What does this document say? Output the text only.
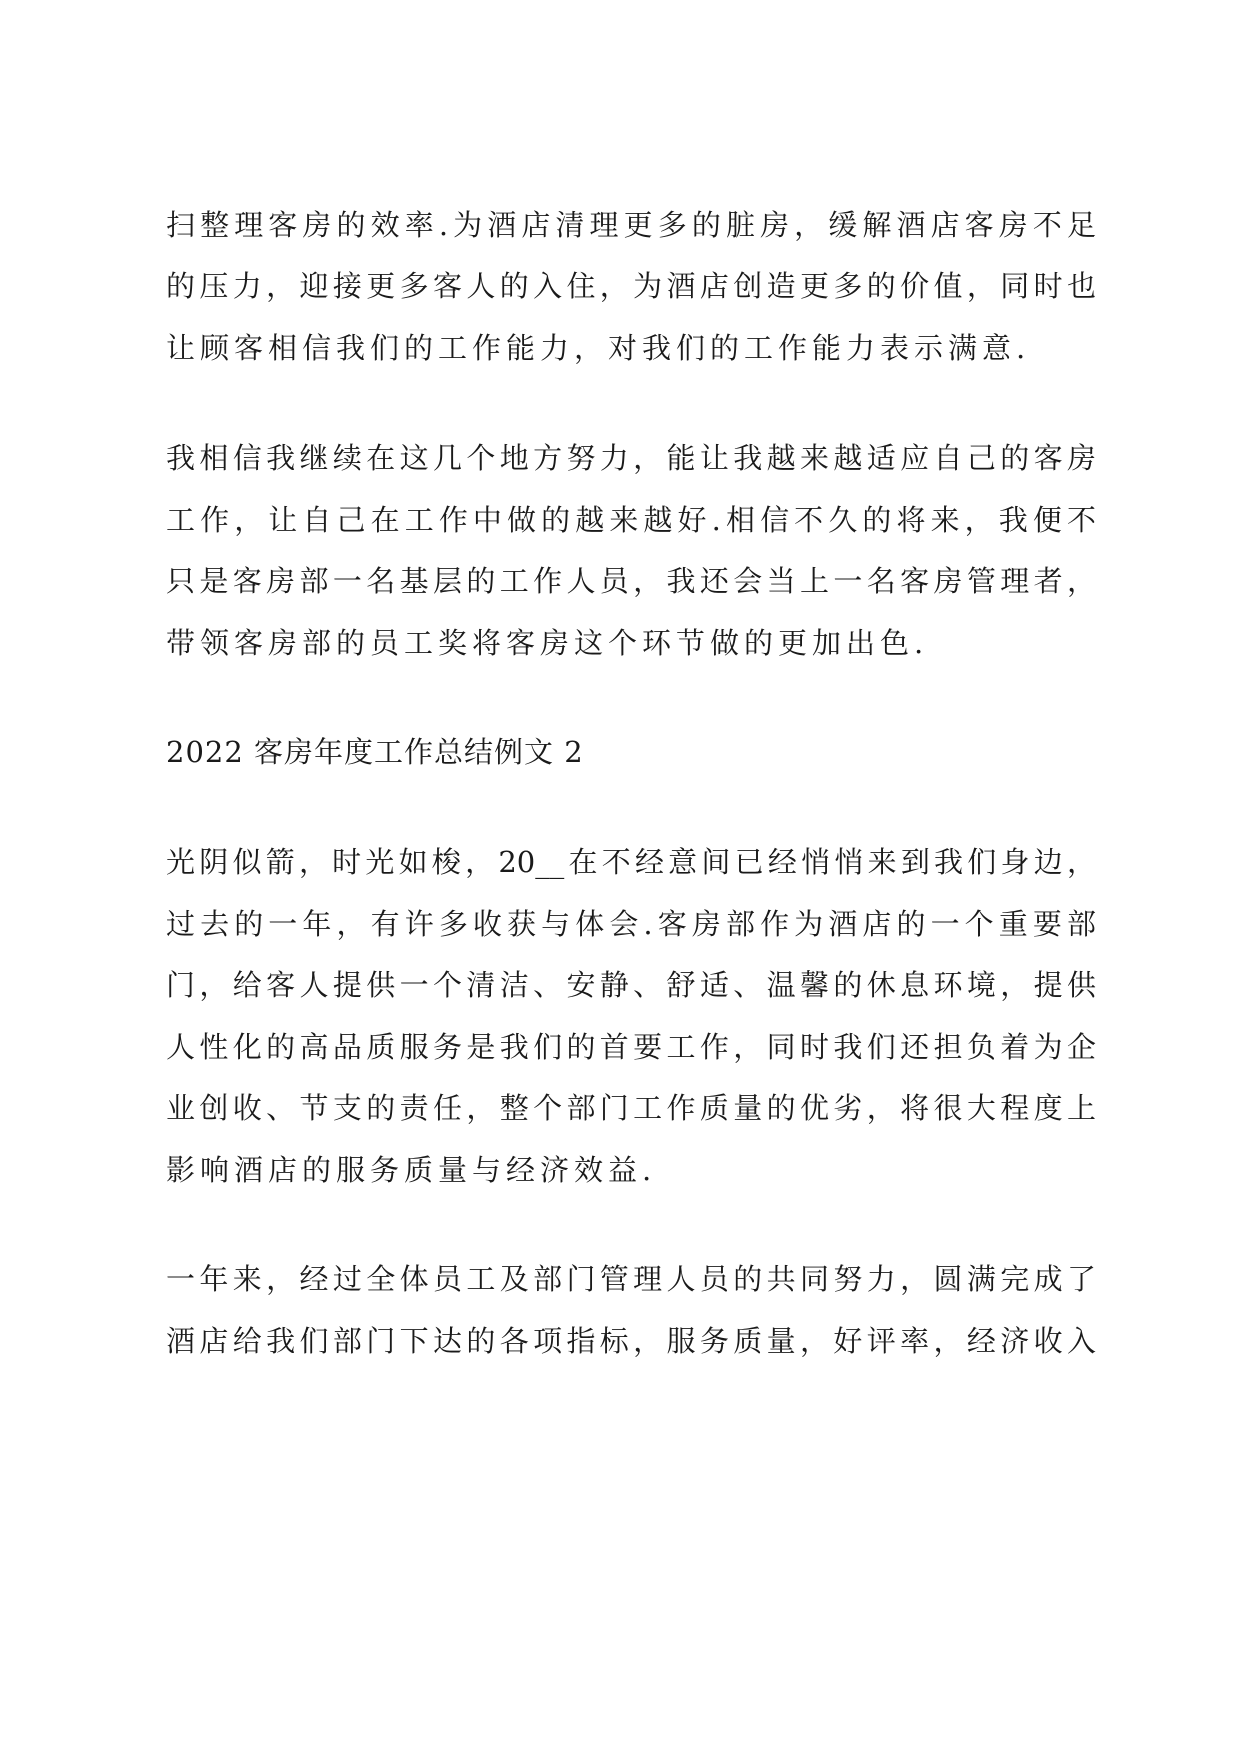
扫整理客房的效率.为酒店清理更多的脏房，缓解酒店客房不足

的压力，迎接更多客人的入住，为酒店创造更多的价值，同时也

让顾客相信我们的工作能力，对我们的工作能力表示满意.

我相信我继续在这几个地方努力，能让我越来越适应自己的客房

工作，让自己在工作中做的越来越好.相信不久的将来，我便不

只是客房部一名基层的工作人员，我还会当上一名客房管理者，

带领客房部的员工奖将客房这个环节做的更加出色.

2022 客房年度工作总结例文 2

光阴似箭，时光如梭，20__在不经意间已经悄悄来到我们身边，

过去的一年，有许多收获与体会.客房部作为酒店的一个重要部

门，给客人提供一个清洁、安静、舒适、温馨的休息环境，提供

人性化的高品质服务是我们的首要工作，同时我们还担负着为企

业创收、节支的责任，整个部门工作质量的优劣，将很大程度上

影响酒店的服务质量与经济效益.

一年来，经过全体员工及部门管理人员的共同努力，圆满完成了

酒店给我们部门下达的各项指标，服务质量，好评率，经济收入
